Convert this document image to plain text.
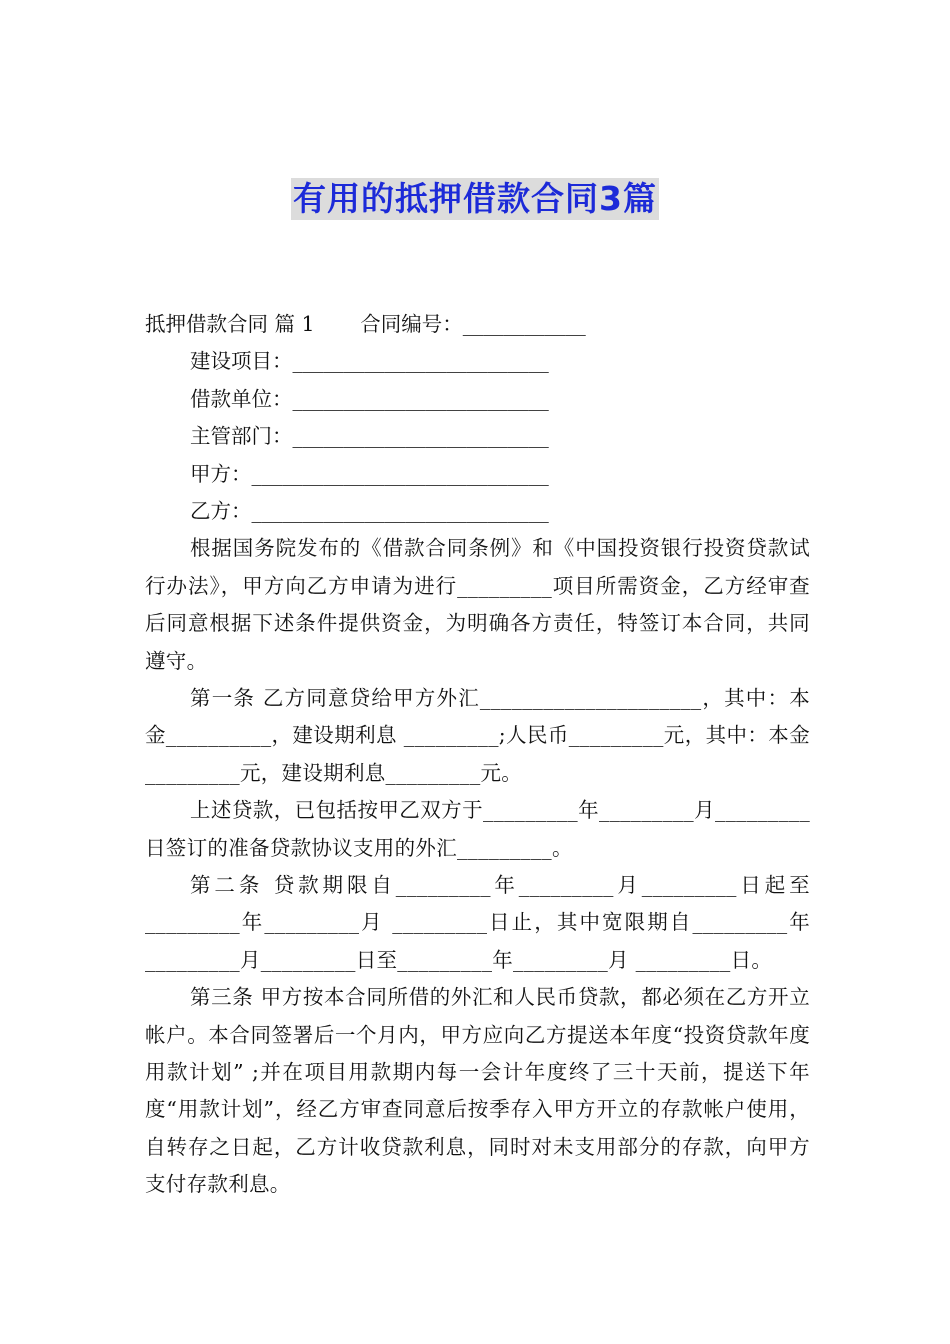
有用的抵押借款合同3篇

抵押借款合同 篇 1       合同编号：____________

建设项目：_________________________

借款单位：_________________________

主管部门：_________________________

甲方：_____________________________

乙方：_____________________________

根据国务院发布的《借款合同条例》和《中国投资银行投资贷款试行办法》，甲方向乙方申请为进行_________项目所需资金，乙方经审查后同意根据下述条件提供资金，为明确各方责任，特签订本合同，共同遵守。

第一条 乙方同意贷给甲方外汇_____________________，其中：本金__________，建设期利息 _________;人民币_________元，其中：本金_________元，建设期利息_________元。

上述贷款，已包括按甲乙双方于_________年_________月_________日签订的准备贷款协议支用的外汇_________。

第二条 贷款期限自_________年_________月_________日起至_________年_________月 _________日止，其中宽限期自_________年_________月_________日至_________年_________月 _________日。

第三条 甲方按本合同所借的外汇和人民币贷款，都必须在乙方开立帐户。本合同签署后一个月内，甲方应向乙方提送本年度“投资贷款年度用款计划” ;并在项目用款期内每一会计年度终了三十天前，提送下年度“用款计划”，经乙方审查同意后按季存入甲方开立的存款帐户使用，自转存之日起，乙方计收贷款利息，同时对未支用部分的存款，向甲方支付存款利息。
